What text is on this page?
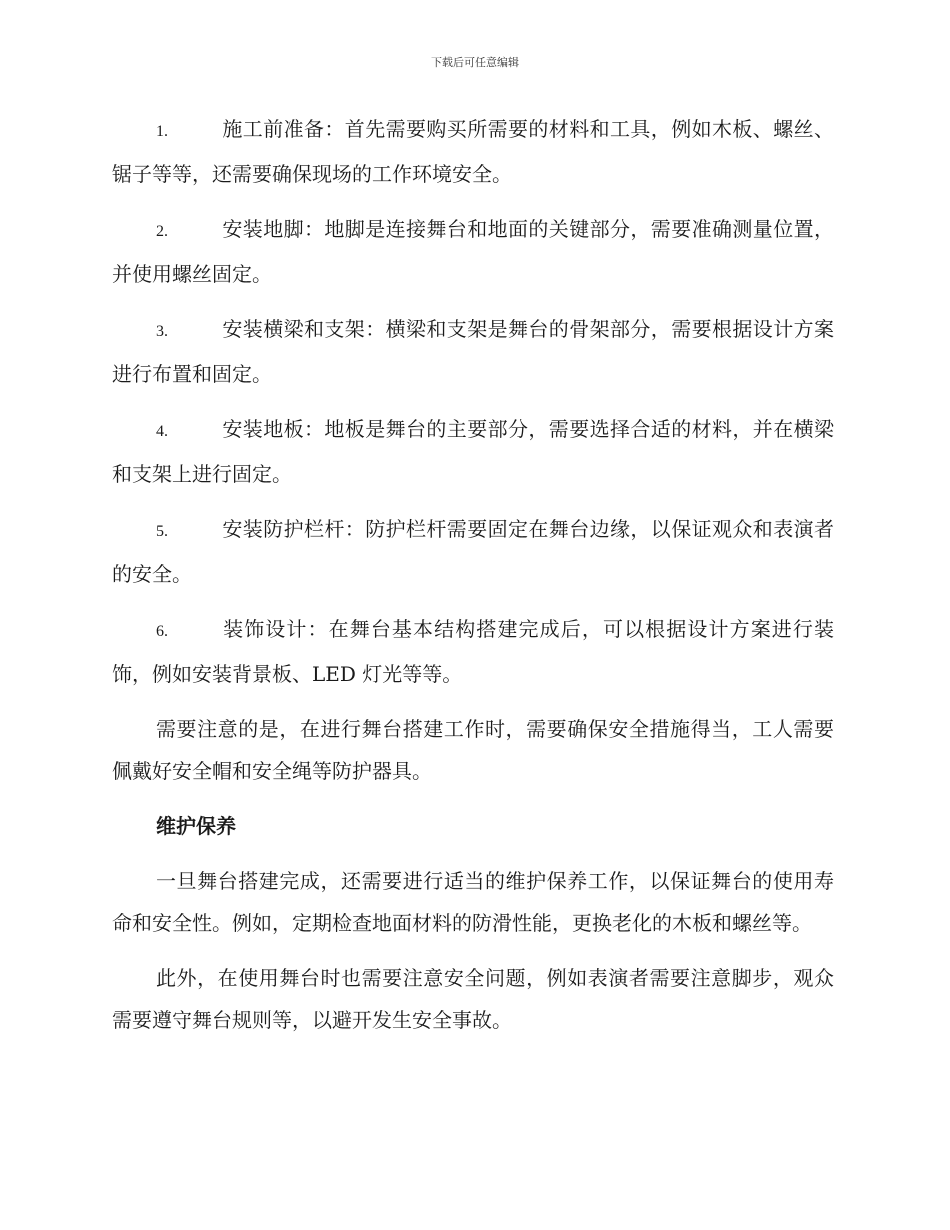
下载后可任意编辑

1.	施工前准备：首先需要购买所需要的材料和工具，例如木板、螺丝、锯子等等，还需要确保现场的工作环境安全。

2.	安装地脚：地脚是连接舞台和地面的关键部分，需要准确测量位置，并使用螺丝固定。

3.	安装横梁和支架：横梁和支架是舞台的骨架部分，需要根据设计方案进行布置和固定。

4.	安装地板：地板是舞台的主要部分，需要选择合适的材料，并在横梁和支架上进行固定。

5.	安装防护栏杆：防护栏杆需要固定在舞台边缘，以保证观众和表演者的安全。

6.	装饰设计：在舞台基本结构搭建完成后，可以根据设计方案进行装饰，例如安装背景板、LED 灯光等等。

需要注意的是，在进行舞台搭建工作时，需要确保安全措施得当，工人需要佩戴好安全帽和安全绳等防护器具。

维护保养

一旦舞台搭建完成，还需要进行适当的维护保养工作，以保证舞台的使用寿命和安全性。例如，定期检查地面材料的防滑性能，更换老化的木板和螺丝等。

此外，在使用舞台时也需要注意安全问题，例如表演者需要注意脚步，观众需要遵守舞台规则等，以避开发生安全事故。
